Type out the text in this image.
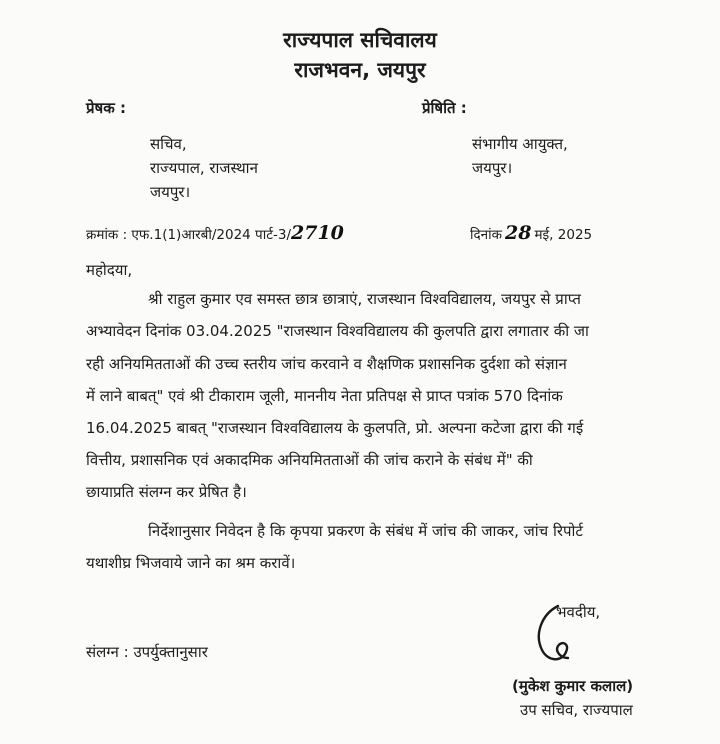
राज्यपाल सचिवालय
राजभवन, जयपुर
प्रेषक :	प्रेषिति :
सचिव,
राज्यपाल, राजस्थान
जयपुर।
संभागीय आयुक्त,
जयपुर।
क्रमांक : एफ.1(1)आरबी/2024 पार्ट-3/2710	दिनांक 28 मई, 2025
महोदया,
श्री राहुल कुमार एव समस्त छात्र छात्राएं, राजस्थान विश्वविद्यालय, जयपुर से प्राप्त
अभ्यावेदन दिनांक 03.04.2025 "राजस्थान विश्वविद्यालय की कुलपति द्वारा लगातार की जा
रही अनियमितताओं की उच्च स्तरीय जांच करवाने व शैक्षणिक प्रशासनिक दुर्दशा को संज्ञान
में लाने बाबत्" एवं श्री टीकाराम जूली, माननीय नेता प्रतिपक्ष से प्राप्त पत्रांक 570 दिनांक
16.04.2025 बाबत् "राजस्थान विश्वविद्यालय के कुलपति, प्रो. अल्पना कटेजा द्वारा की गई
वित्तीय, प्रशासनिक एवं अकादमिक अनियमितताओं की जांच कराने के संबंध में" की
छायाप्रति संलग्न कर प्रेषित है।
निर्देशानुसार निवेदन है कि कृपया प्रकरण के संबंध में जांच की जाकर, जांच रिपोर्ट
यथाशीघ्र भिजवाये जाने का श्रम करावें।
भवदीय,
संलग्न : उपर्युक्तानुसार
(मुकेश कुमार कलाल)
उप सचिव, राज्यपाल
